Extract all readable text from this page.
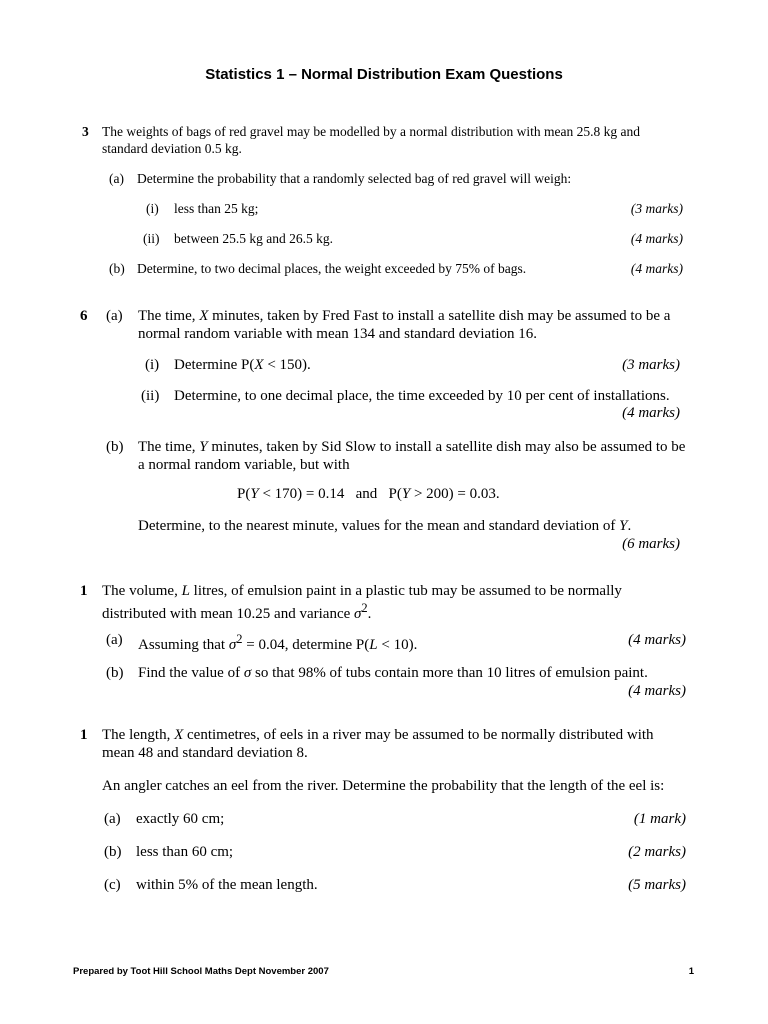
Statistics 1 – Normal Distribution Exam Questions
3 The weights of bags of red gravel may be modelled by a normal distribution with mean 25.8 kg and
standard deviation 0.5 kg.
(a) Determine the probability that a randomly selected bag of red gravel will weigh:
(i) less than 25 kg;	(3 marks)
(ii) between 25.5 kg and 26.5 kg.	(4 marks)
(b) Determine, to two decimal places, the weight exceeded by 75% of bags.	(4 marks)
6 (a) The time, X minutes, taken by Fred Fast to install a satellite dish may be assumed to be a
normal random variable with mean 134 and standard deviation 16.
(i) Determine P(X < 150).	(3 marks)
(ii) Determine, to one decimal place, the time exceeded by 10 per cent of installations.
(4 marks)
(b) The time, Y minutes, taken by Sid Slow to install a satellite dish may also be assumed to be
a normal random variable, but with
P(Y < 170) = 0.14   and   P(Y > 200) = 0.03.
Determine, to the nearest minute, values for the mean and standard deviation of Y.
(6 marks)
1 The volume, L litres, of emulsion paint in a plastic tub may be assumed to be normally
distributed with mean 10.25 and variance $\sigma^2$.
(a) Assuming that $\sigma^2 = 0.04$, determine P(L < 10).	(4 marks)
(b) Find the value of σ so that 98% of tubs contain more than 10 litres of emulsion paint.
(4 marks)
1 The length, X centimetres, of eels in a river may be assumed to be normally distributed with
mean 48 and standard deviation 8.
An angler catches an eel from the river. Determine the probability that the length of the eel is:
(a) exactly 60 cm;	(1 mark)
(b) less than 60 cm;	(2 marks)
(c) within 5% of the mean length.	(5 marks)
Prepared by Toot Hill School Maths Dept November 2007	1
